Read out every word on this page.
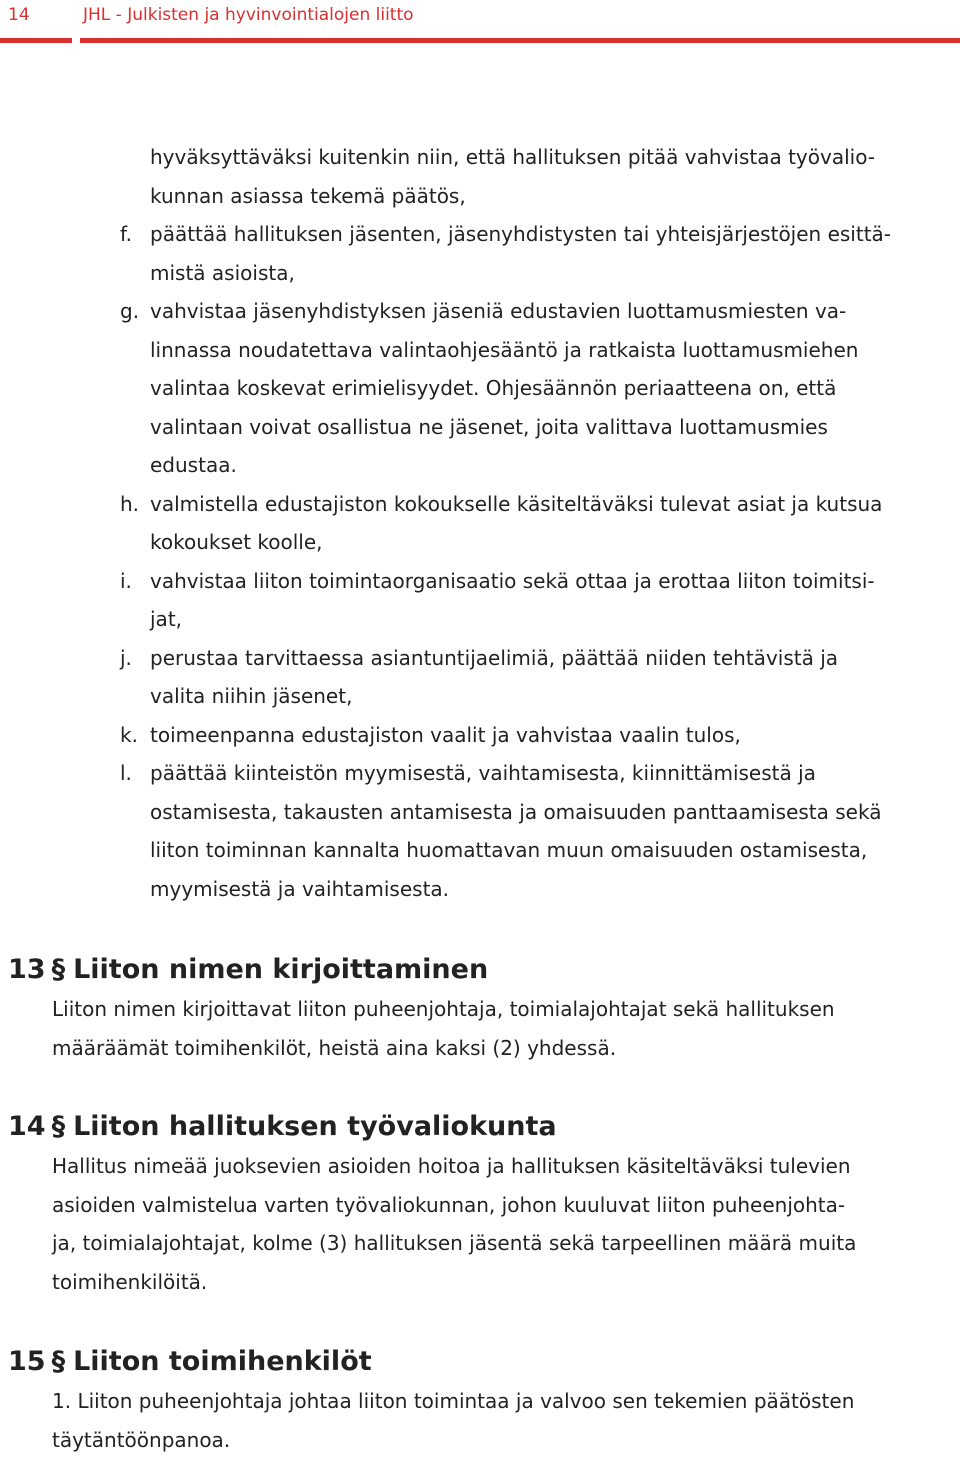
14	JHL - Julkisten ja hyvinvointialojen liitto
hyväksyttäväksi kuitenkin niin, että hallituksen pitää vahvistaa työvalio-
kunnan asiassa tekemä päätös,
f. päättää hallituksen jäsenten, jäsenyhdistysten tai yhteisjärjestöjen esittä-
mistä asioista,
g. vahvistaa jäsenyhdistyksen jäseniä edustavien luottamusmiesten va-
linnassa noudatettava valintaohjesääntö ja ratkaista luottamusmiehen
valintaa koskevat erimielisyydet. Ohjesäännön periaatteena on, että
valintaan voivat osallistua ne jäsenet, joita valittava luottamusmies
edustaa.
h. valmistella edustajiston kokoukselle käsiteltäväksi tulevat asiat ja kutsua
kokoukset koolle,
i. vahvistaa liiton toimintaorganisaatio sekä ottaa ja erottaa liiton toimitsi-
jat,
j. perustaa tarvittaessa asiantuntijaelimiä, päättää niiden tehtävistä ja
valita niihin jäsenet,
k. toimeenpanna edustajiston vaalit ja vahvistaa vaalin tulos,
l. päättää kiinteistön myymisestä, vaihtamisesta, kiinnittämisestä ja
ostamisesta, takausten antamisesta ja omaisuuden panttaamisesta sekä
liiton toiminnan kannalta huomattavan muun omaisuuden ostamisesta,
myymisestä ja vaihtamisesta.
13 § Liiton nimen kirjoittaminen
Liiton nimen kirjoittavat liiton puheenjohtaja, toimialajohtajat sekä hallituksen
määräämät toimihenkilöt, heistä aina kaksi (2) yhdessä.
14 § Liiton hallituksen työvaliokunta
Hallitus nimeää juoksevien asioiden hoitoa ja hallituksen käsiteltäväksi tulevien
asioiden valmistelua varten työvaliokunnan, johon kuuluvat liiton puheenjohta-
ja, toimialajohtajat, kolme (3) hallituksen jäsentä sekä tarpeellinen määrä muita
toimihenkilöitä.
15 § Liiton toimihenkilöt
1. Liiton puheenjohtaja johtaa liiton toimintaa ja valvoo sen tekemien päätösten
täytäntöönpanoa.
